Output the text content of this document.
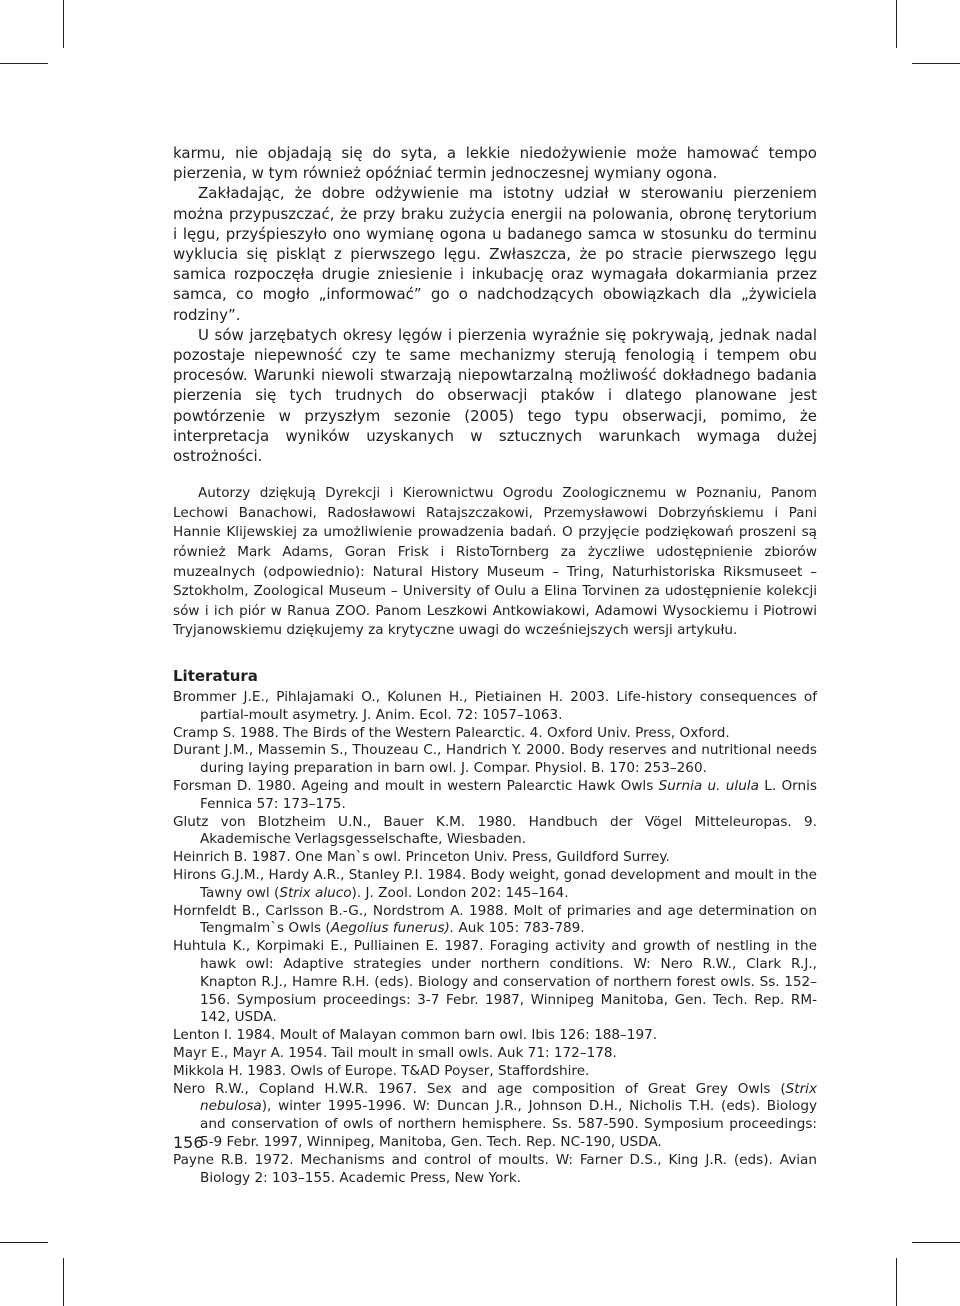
karmu, nie objadają się do syta, a lekkie niedożywienie może hamować tempo pierzenia, w tym również opóźniać termin jednoczesnej wymiany ogona.

Zakładając, że dobre odżywienie ma istotny udział w sterowaniu pierzeniem można przypuszczać, że przy braku zużycia energii na polowania, obronę terytorium i lęgu, przyśpieszyło ono wymianę ogona u badanego samca w stosunku do terminu wyklucia się piskląt z pierwszego lęgu. Zwłaszcza, że po stracie pierwszego lęgu samica rozpoczęła drugie zniesienie i inkubację oraz wymagała dokarmiania przez samca, co mogło „informować” go o nadchodzących obowiązkach dla „żywiciela rodziny”.

U sów jarzębatych okresy lęgów i pierzenia wyraźnie się pokrywają, jednak nadal pozostaje niepewność czy te same mechanizmy sterują fenologią i tempem obu procesów. Warunki niewoli stwarzają niepowtarzalną możliwość dokładnego badania pierzenia się tych trudnych do obserwacji ptaków i dlatego planowane jest powtórzenie w przyszłym sezonie (2005) tego typu obserwacji, pomimo, że interpretacja wyników uzyskanych w sztucznych warunkach wymaga dużej ostrożności.

Autorzy dziękują Dyrekcji i Kierownictwu Ogrodu Zoologicznemu w Poznaniu, Panom Lechowi Banachowi, Radosławowi Ratajszczakowi, Przemysławowi Dobrzyńskiemu i Pani Hannie Klijewskiej za umożliwienie prowadzenia badań. O przyjęcie podziękowań proszeni są również Mark Adams, Goran Frisk i RistoTornberg za życzliwe udostępnienie zbiorów muzealnych (odpowiednio): Natural History Museum – Tring, Naturhistoriska Riksmuseet – Sztokholm, Zoological Museum – University of Oulu a Elina Torvinen za udostępnienie kolekcji sów i ich piór w Ranua ZOO. Panom Leszkowi Antkowiakowi, Adamowi Wysockiemu i Piotrowi Tryjanowskiemu dziękujemy za krytyczne uwagi do wcześniejszych wersji artykułu.

Literatura
Brommer J.E., Pihlajamaki O., Kolunen H., Pietiainen H. 2003. Life-history consequences of partial-moult asymetry. J. Anim. Ecol. 72: 1057–1063.
Cramp S. 1988. The Birds of the Western Palearctic. 4. Oxford Univ. Press, Oxford.
Durant J.M., Massemin S., Thouzeau C., Handrich Y. 2000. Body reserves and nutritional needs during laying preparation in barn owl. J. Compar. Physiol. B. 170: 253–260.
Forsman D. 1980. Ageing and moult in western Palearctic Hawk Owls Surnia u. ulula L. Ornis Fennica 57: 173–175.
Glutz von Blotzheim U.N., Bauer K.M. 1980. Handbuch der Vögel Mitteleuropas. 9. Akademische Verlagsgesselschafte, Wiesbaden.
Heinrich B. 1987. One Man`s owl. Princeton Univ. Press, Guildford Surrey.
Hirons G.J.M., Hardy A.R., Stanley P.I. 1984. Body weight, gonad development and moult in the Tawny owl (Strix aluco). J. Zool. London 202: 145–164.
Hornfeldt B., Carlsson B.-G., Nordstrom A. 1988. Molt of primaries and age determination on Tengmalm`s Owls (Aegolius funerus). Auk 105: 783-789.
Huhtula K., Korpimaki E., Pulliainen E. 1987. Foraging activity and growth of nestling in the hawk owl: Adaptive strategies under northern conditions. W: Nero R.W., Clark R.J., Knapton R.J., Hamre R.H. (eds). Biology and conservation of northern forest owls. Ss. 152–156. Symposium proceedings: 3-7 Febr. 1987, Winnipeg Manitoba, Gen. Tech. Rep. RM-142, USDA.
Lenton I. 1984. Moult of Malayan common barn owl. Ibis 126: 188–197.
Mayr E., Mayr A. 1954. Tail moult in small owls. Auk 71: 172–178.
Mikkola H. 1983. Owls of Europe. T&AD Poyser, Staffordshire.
Nero R.W., Copland H.W.R. 1967. Sex and age composition of Great Grey Owls (Strix nebulosa), winter 1995-1996. W: Duncan J.R., Johnson D.H., Nicholis T.H. (eds). Biology and conservation of owls of northern hemisphere. Ss. 587-590. Symposium proceedings: 5-9 Febr. 1997, Winnipeg, Manitoba, Gen. Tech. Rep. NC-190, USDA.
Payne R.B. 1972. Mechanisms and control of moults. W: Farner D.S., King J.R. (eds). Avian Biology 2: 103–155. Academic Press, New York.
156
